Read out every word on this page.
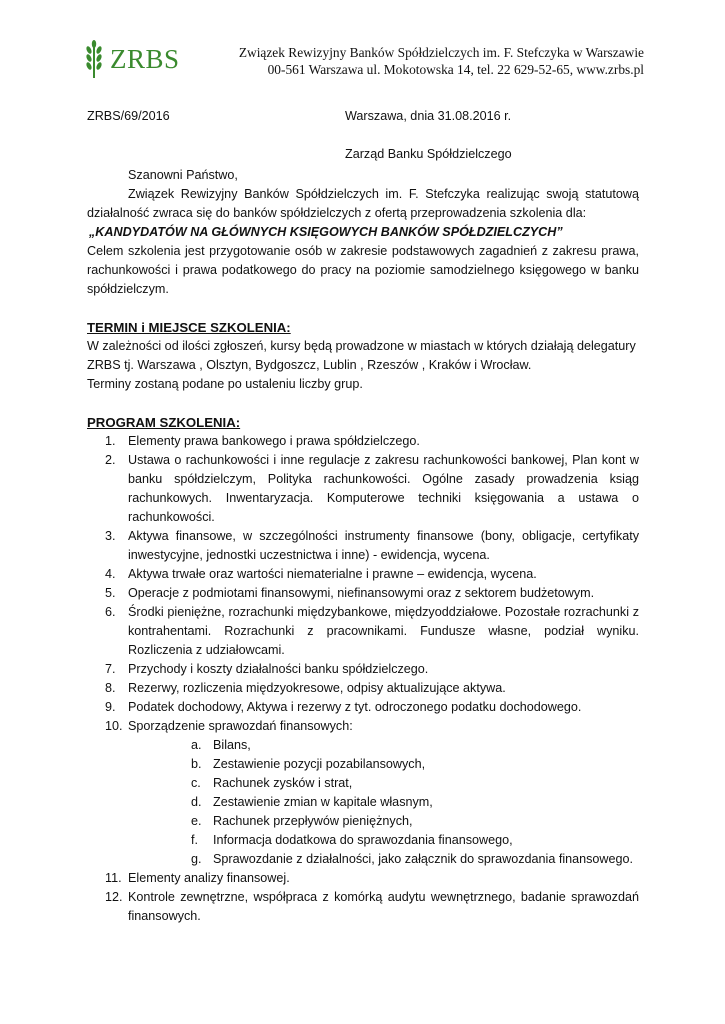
ZRBS	Związek Rewizyjny Banków Spółdzielczych im. F. Stefczyka w Warszawie
00-561 Warszawa ul. Mokotowska 14, tel. 22 629-52-65, www.zrbs.pl
ZRBS/69/2016	Warszawa, dnia 31.08.2016 r.
Zarząd Banku Spółdzielczego
Szanowni Państwo,
Związek Rewizyjny Banków Spółdzielczych im. F. Stefczyka realizując swoją statutową działalność zwraca się do banków spółdzielczych z ofertą przeprowadzenia szkolenia dla:
„KANDYDATÓW NA GŁÓWNYCH KSIĘGOWYCH BANKÓW SPÓŁDZIELCZYCH”
Celem szkolenia jest przygotowanie osób w zakresie podstawowych zagadnień z zakresu prawa, rachunkowości i prawa podatkowego do pracy na poziomie samodzielnego księgowego w banku spółdzielczym.
TERMIN i MIEJSCE SZKOLENIA:
W zależności od ilości zgłoszeń, kursy będą prowadzone w miastach w których działają delegatury
ZRBS tj. Warszawa , Olsztyn, Bydgoszcz, Lublin , Rzeszów , Kraków i Wrocław.
Terminy zostaną podane po ustaleniu liczby grup.
PROGRAM SZKOLENIA:
1. Elementy prawa bankowego i prawa spółdzielczego.
2. Ustawa o rachunkowości i inne regulacje z zakresu rachunkowości bankowej, Plan kont w banku spółdzielczym, Polityka rachunkowości. Ogólne zasady prowadzenia ksiąg rachunkowych. Inwentaryzacja. Komputerowe techniki księgowania a ustawa o rachunkowości.
3. Aktywa finansowe, w szczególności instrumenty finansowe (bony, obligacje, certyfikaty inwestycyjne, jednostki uczestnictwa i inne) - ewidencja, wycena.
4. Aktywa trwałe oraz wartości niematerialne i prawne – ewidencja, wycena.
5. Operacje z podmiotami finansowymi, niefinansowymi oraz z sektorem budżetowym.
6. Środki pieniężne, rozrachunki międzybankowe, międzyoddziałowe. Pozostałe rozrachunki z kontrahentami. Rozrachunki z pracownikami. Fundusze własne, podział wyniku. Rozliczenia z udziałowcami.
7. Przychody i koszty działalności banku spółdzielczego.
8. Rezerwy, rozliczenia międzyokresowe, odpisy aktualizujące aktywa.
9. Podatek dochodowy, Aktywa i rezerwy z tyt. odroczonego podatku dochodowego.
10. Sporządzenie sprawozdań finansowych:
a. Bilans,
b. Zestawienie pozycji pozabilansowych,
c. Rachunek zysków i strat,
d. Zestawienie zmian w kapitale własnym,
e. Rachunek przepływów pieniężnych,
f. Informacja dodatkowa do sprawozdania finansowego,
g. Sprawozdanie z działalności, jako załącznik do sprawozdania finansowego.
11. Elementy analizy finansowej.
12. Kontrole zewnętrzne, współpraca z komórką audytu wewnętrznego, badanie sprawozdań finansowych.
